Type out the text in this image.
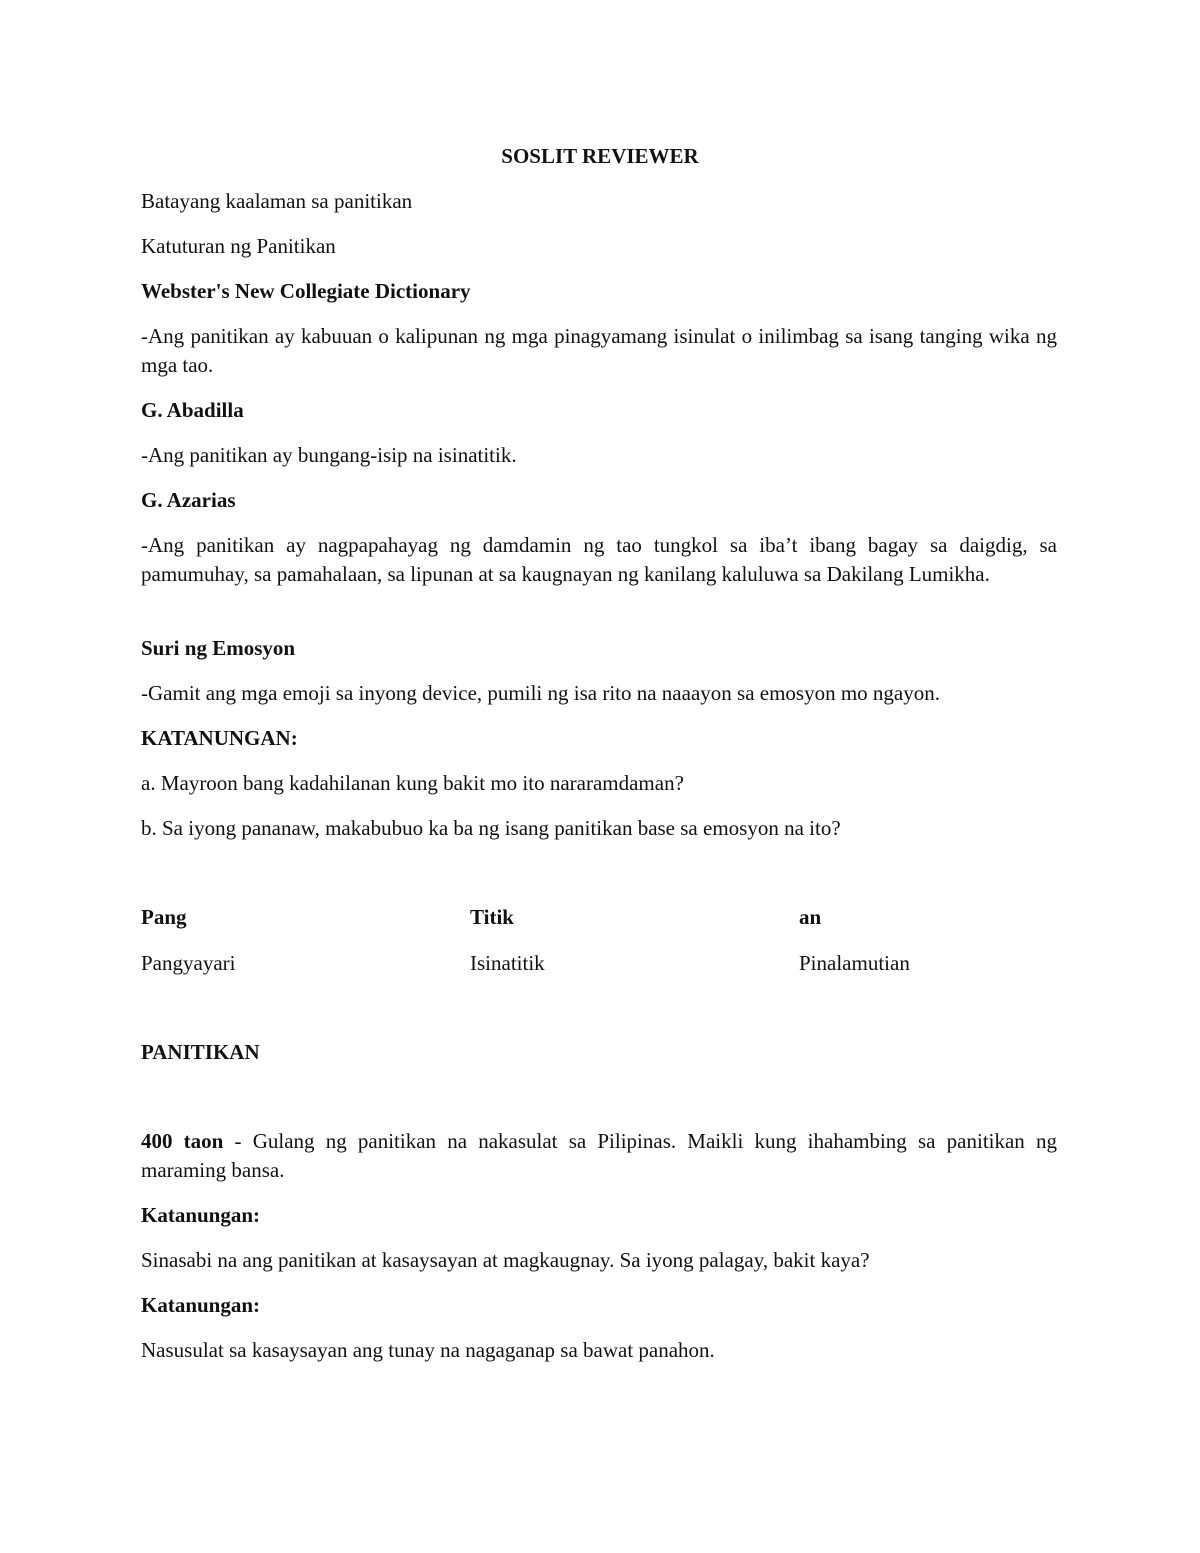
SOSLIT REVIEWER
Batayang kaalaman sa panitikan
Katuturan ng Panitikan
Webster's New Collegiate Dictionary
-Ang panitikan ay kabuuan o kalipunan ng mga pinagyamang isinulat o inilimbag sa isang tanging wika ng mga tao.
G. Abadilla
-Ang panitikan ay bungang-isip na isinatitik.
G. Azarias
-Ang panitikan ay nagpapahayag ng damdamin ng tao tungkol sa iba’t ibang bagay sa daigdig, sa pamumuhay, sa pamahalaan, sa lipunan at sa kaugnayan ng kanilang kaluluwa sa Dakilang Lumikha.
Suri ng Emosyon
-Gamit ang mga emoji sa inyong device, pumili ng isa rito na naaayon sa emosyon mo ngayon.
KATANUNGAN:
a. Mayroon bang kadahilanan kung bakit mo ito nararamdaman?
b. Sa iyong pananaw, makabubuo ka ba ng isang panitikan base sa emosyon na ito?
Pang	Titik	an
Pangyayari	Isinatitik	Pinalamutian
PANITIKAN
400 taon - Gulang ng panitikan na nakasulat sa Pilipinas. Maikli kung ihahambing sa panitikan ng maraming bansa.
Katanungan:
Sinasabi na ang panitikan at kasaysayan at magkaugnay. Sa iyong palagay, bakit kaya?
Katanungan:
Nasusulat sa kasaysayan ang tunay na nagaganap sa bawat panahon.
